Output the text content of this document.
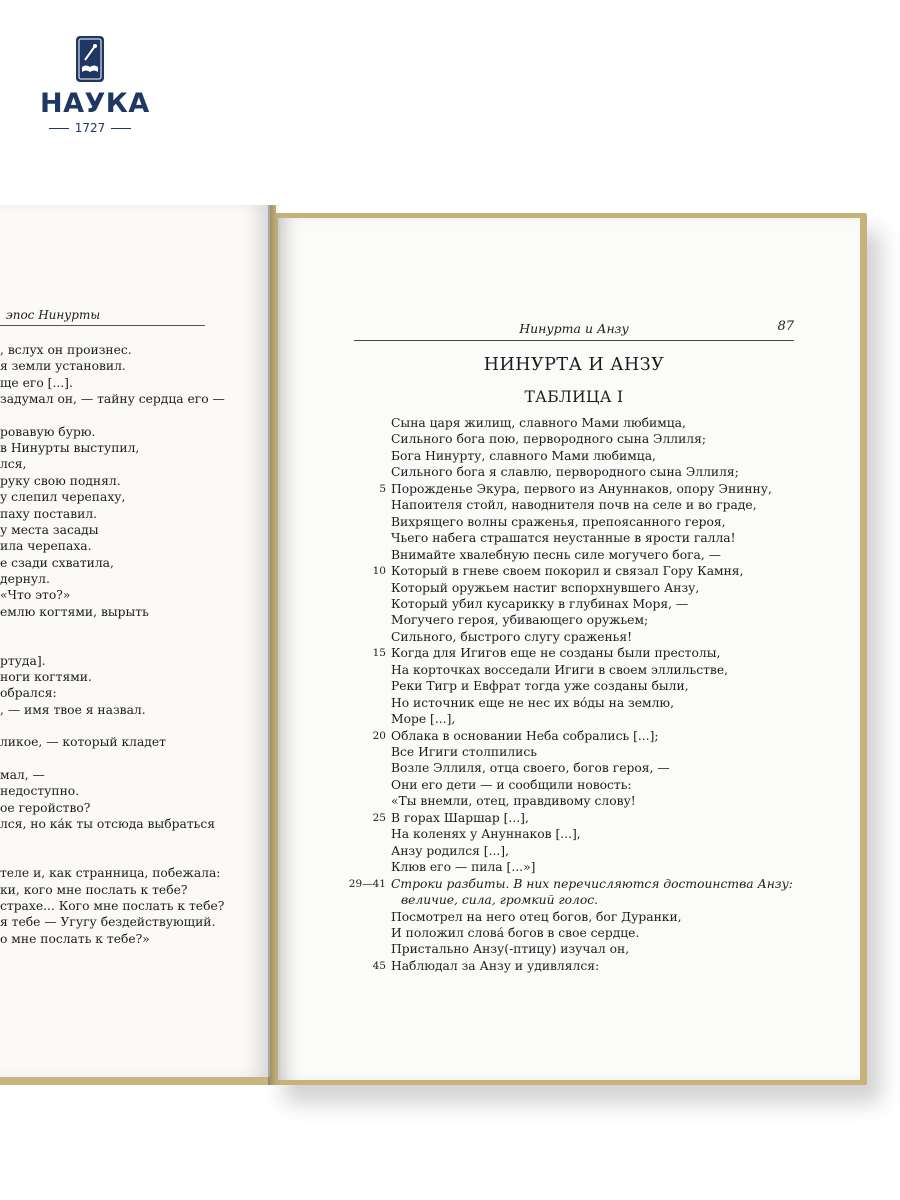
НАУКА
1727
эпос Нинурты
, вслух он произнес.
я земли установил.
ще его [...].
задумал он, — тайну сердца его —
ровавую бурю.
в Нинурты выступил,
лся,
руку свою поднял.
у слепил черепаху,
паху поставил.
у места засады
ила черепаха.
е сзади схватила,
дернул.
«Что это?»
емлю когтями, вырыть
ртуда].
ноги когтями.
обрался:
, — имя твое я назвал.
ликое, — который кладет
мал, —
недоступно.
ое геройство?
лся, но ка́к ты отсюда выбраться
теле и, как странница, побежала:
ки, кого мне послать к тебе?
страхе... Кого мне послать к тебе?
я тебе — Угугу бездействующий.
о мне послать к тебе?»
Нинурта и Анзу	87
НИНУРТА И АНЗУ
ТАБЛИЦА I
Сына царя жилищ, славного Мами любимца,
Сильного бога пою, первородного сына Эллиля;
Бога Нинурту, славного Мами любимца,
Сильного бога я славлю, первородного сына Эллиля;
5 Порожденье Экура, первого из Ануннаков, опору Энинну,
Напоителя стойл, наводнителя почв на селе и во граде,
Вихрящего волны сраженья, препоясанного героя,
Чьего набега страшатся неустанные в ярости галла!
Внимайте хвалебную песнь силе могучего бога, —
10 Который в гневе своем покорил и связал Гору Камня,
Который оружьем настиг вспорхнувшего Анзу,
Который убил кусарикку в глубинах Моря, —
Могучего героя, убивающего оружьем;
Сильного, быстрого слугу сраженья!
15 Когда для Игигов еще не созданы были престолы,
На корточках восседали Игиги в своем эллильстве,
Реки Тигр и Евфрат тогда уже созданы были,
Но источник еще не нес их во́ды на землю,
Море [...],
20 Облака в основании Неба собрались [...];
Все Игиги столпились
Возле Эллиля, отца своего, богов героя, —
Они его дети — и сообщили новость:
«Ты внемли, отец, правдивому слову!
25 В горах Шаршар [...],
На коленях у Ануннаков [...],
Анзу родился [...],
Клюв его — пила [...»]
29—41 Строки разбиты. В них перечисляются достоинства Анзу:
величие, сила, громкий голос.
Посмотрел на него отец богов, бог Дуранки,
И положил слова́ богов в свое сердце.
Пристально Анзу(-птицу) изучал он,
45 Наблюдал за Анзу и удивлялся:
